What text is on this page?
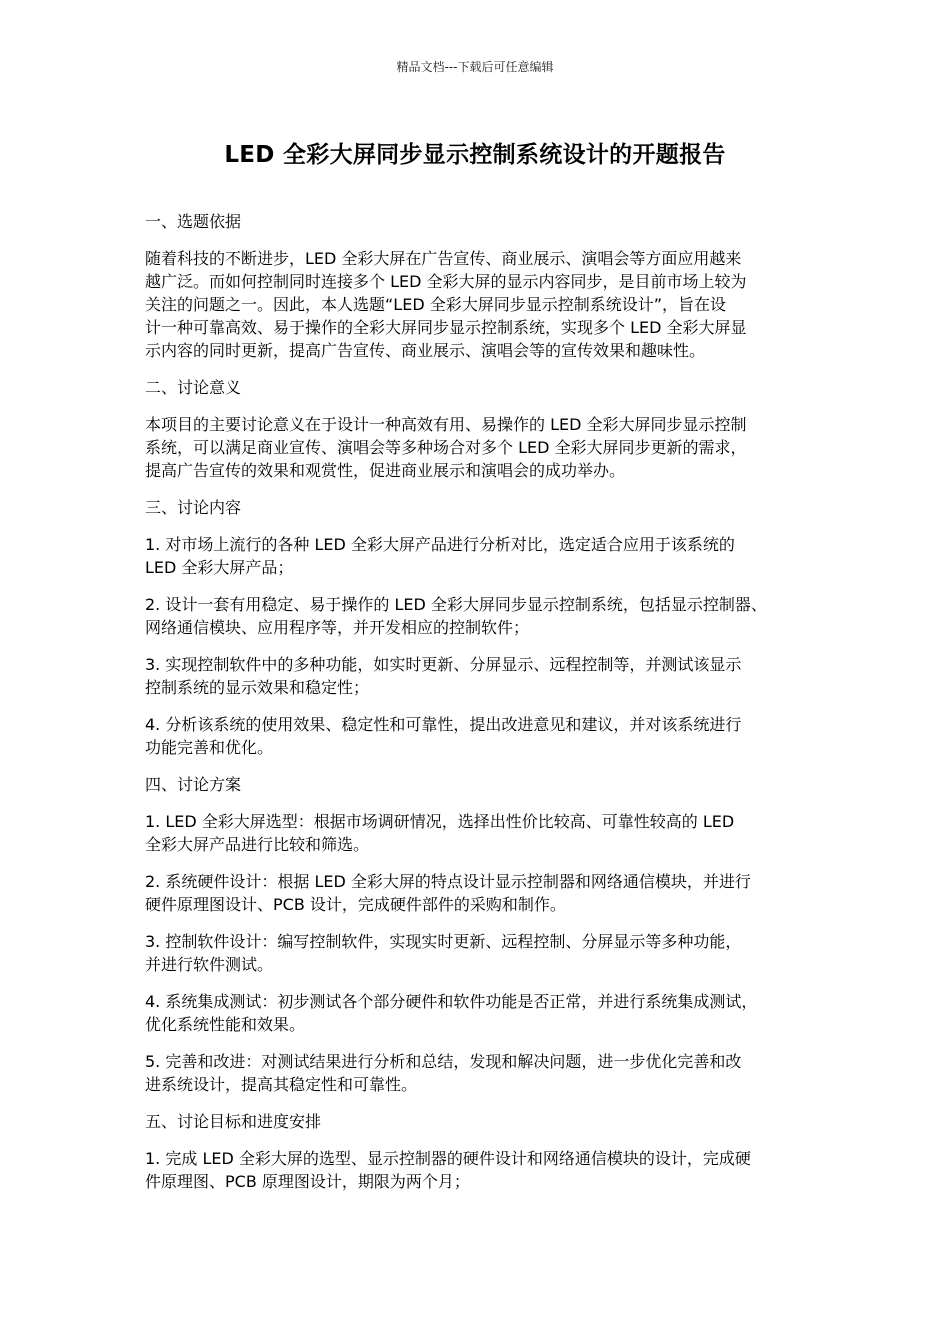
精品文档---下载后可任意编辑
LED 全彩大屏同步显示控制系统设计的开题报告
一、选题依据
随着科技的不断进步，LED 全彩大屏在广告宣传、商业展示、演唱会等方面应用越来
越广泛。而如何控制同时连接多个 LED 全彩大屏的显示内容同步，是目前市场上较为
关注的问题之一。因此，本人选题“LED 全彩大屏同步显示控制系统设计”，旨在设
计一种可靠高效、易于操作的全彩大屏同步显示控制系统，实现多个 LED 全彩大屏显
示内容的同时更新，提高广告宣传、商业展示、演唱会等的宣传效果和趣味性。
二、讨论意义
本项目的主要讨论意义在于设计一种高效有用、易操作的 LED 全彩大屏同步显示控制
系统，可以满足商业宣传、演唱会等多种场合对多个 LED 全彩大屏同步更新的需求，
提高广告宣传的效果和观赏性，促进商业展示和演唱会的成功举办。
三、讨论内容
1. 对市场上流行的各种 LED 全彩大屏产品进行分析对比，选定适合应用于该系统的
LED 全彩大屏产品；
2. 设计一套有用稳定、易于操作的 LED 全彩大屏同步显示控制系统，包括显示控制器、
网络通信模块、应用程序等，并开发相应的控制软件；
3. 实现控制软件中的多种功能，如实时更新、分屏显示、远程控制等，并测试该显示
控制系统的显示效果和稳定性；
4. 分析该系统的使用效果、稳定性和可靠性，提出改进意见和建议，并对该系统进行
功能完善和优化。
四、讨论方案
1. LED 全彩大屏选型：根据市场调研情况，选择出性价比较高、可靠性较高的 LED
全彩大屏产品进行比较和筛选。
2. 系统硬件设计：根据 LED 全彩大屏的特点设计显示控制器和网络通信模块，并进行
硬件原理图设计、PCB 设计，完成硬件部件的采购和制作。
3. 控制软件设计：编写控制软件，实现实时更新、远程控制、分屏显示等多种功能，
并进行软件测试。
4. 系统集成测试：初步测试各个部分硬件和软件功能是否正常，并进行系统集成测试，
优化系统性能和效果。
5. 完善和改进：对测试结果进行分析和总结，发现和解决问题，进一步优化完善和改
进系统设计，提高其稳定性和可靠性。
五、讨论目标和进度安排
1. 完成 LED 全彩大屏的选型、显示控制器的硬件设计和网络通信模块的设计，完成硬
件原理图、PCB 原理图设计，期限为两个月；
